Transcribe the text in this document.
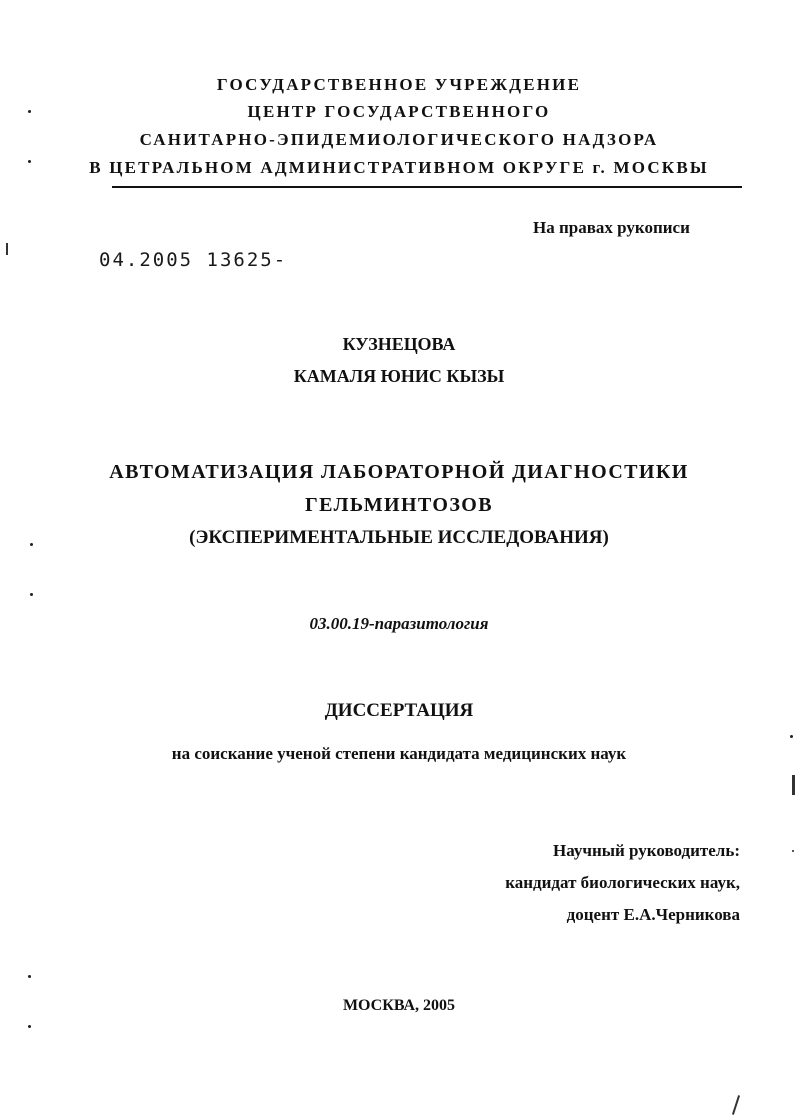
ГОСУДАРСТВЕННОЕ УЧРЕЖДЕНИЕ
ЦЕНТР ГОСУДАРСТВЕННОГО
САНИТАРНО-ЭПИДЕМИОЛОГИЧЕСКОГО НАДЗОРА
В ЦЕТРАЛЬНОМ АДМИНИСТРАТИВНОМ ОКРУГЕ г. МОСКВЫ
На правах рукописи
04.2005 13625-
КУЗНЕЦОВА
КАМАЛЯ ЮНИС КЫЗЫ
АВТОМАТИЗАЦИЯ ЛАБОРАТОРНОЙ ДИАГНОСТИКИ
ГЕЛЬМИНТОЗОВ
(ЭКСПЕРИМЕНТАЛЬНЫЕ ИССЛЕДОВАНИЯ)
03.00.19-паразитология
ДИССЕРТАЦИЯ
на соискание ученой степени кандидата медицинских наук
Научный руководитель:
кандидат биологических наук,
доцент Е.А.Черникова
МОСКВА, 2005
